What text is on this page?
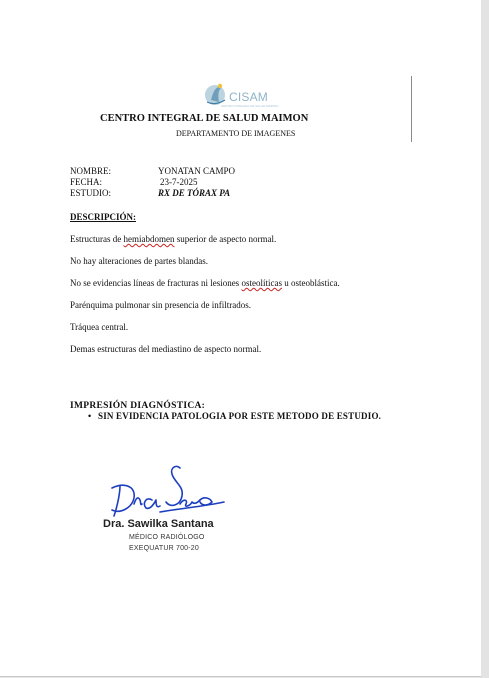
CISAM
CENTRO INTEGRAL DE SALUD MAIMON
CENTRO INTEGRAL DE SALUD MAIMON
DEPARTAMENTO DE IMAGENES
NOMBRE:	YONATAN CAMPO
FECHA:	23-7-2025
ESTUDIO:	RX DE TÓRAX PA
DESCRIPCIÓN:

Estructuras de hemiabdomen superior de aspecto normal.

No hay alteraciones de partes blandas.

No se evidencias líneas de fracturas ni lesiones osteolíticas u osteoblástica.

Parénquima pulmonar sin presencia de infiltrados.

Tráquea central.

Demas estructuras del mediastino de aspecto normal.

IMPRESIÓN DIAGNÓSTICA:
• SIN EVIDENCIA PATOLOGIA POR ESTE METODO DE ESTUDIO.
Dra. Sawilka Santana
MÉDICO RADIÓLOGO
EXEQUATUR 700-20
